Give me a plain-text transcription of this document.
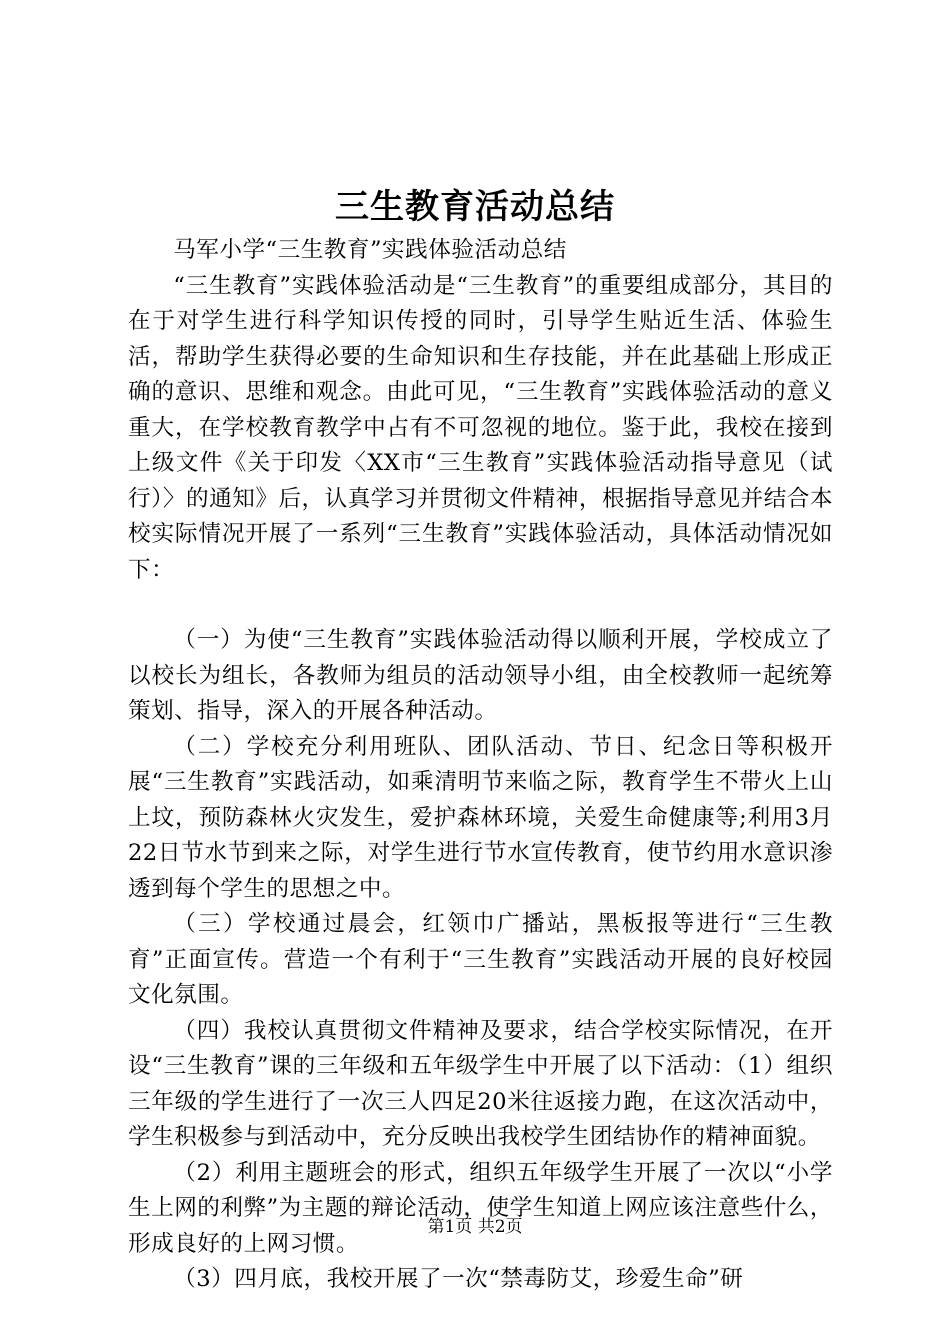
三生教育活动总结

马军小学“三生教育”实践体验活动总结

“三生教育”实践体验活动是“三生教育”的重要组成部分，其目的在于对学生进行科学知识传授的同时，引导学生贴近生活、体验生活，帮助学生获得必要的生命知识和生存技能，并在此基础上形成正确的意识、思维和观念。由此可见，“三生教育”实践体验活动的意义重大，在学校教育教学中占有不可忽视的地位。鉴于此，我校在接到上级文件《关于印发〈XX市“三生教育”实践体验活动指导意见（试行）〉的通知》后，认真学习并贯彻文件精神，根据指导意见并结合本校实际情况开展了一系列“三生教育”实践体验活动，具体活动情况如下：

（一）为使“三生教育”实践体验活动得以顺利开展，学校成立了以校长为组长，各教师为组员的活动领导小组，由全校教师一起统筹策划、指导，深入的开展各种活动。

（二）学校充分利用班队、团队活动、节日、纪念日等积极开展“三生教育”实践活动，如乘清明节来临之际，教育学生不带火上山上坟，预防森林火灾发生，爱护森林环境，关爱生命健康等;利用3月22日节水节到来之际，对学生进行节水宣传教育，使节约用水意识渗透到每个学生的思想之中。

（三）学校通过晨会，红领巾广播站，黑板报等进行“三生教育”正面宣传。营造一个有利于“三生教育”实践活动开展的良好校园文化氛围。

（四）我校认真贯彻文件精神及要求，结合学校实际情况，在开设“三生教育”课的三年级和五年级学生中开展了以下活动：（1）组织三年级的学生进行了一次三人四足20米往返接力跑，在这次活动中，学生积极参与到活动中，充分反映出我校学生团结协作的精神面貌。

（2）利用主题班会的形式，组织五年级学生开展了一次以“小学生上网的利弊”为主题的辩论活动，使学生知道上网应该注意些什么，形成良好的上网习惯。

（3）四月底，我校开展了一次“禁毒防艾，珍爱生命”研

第1页 共2页
